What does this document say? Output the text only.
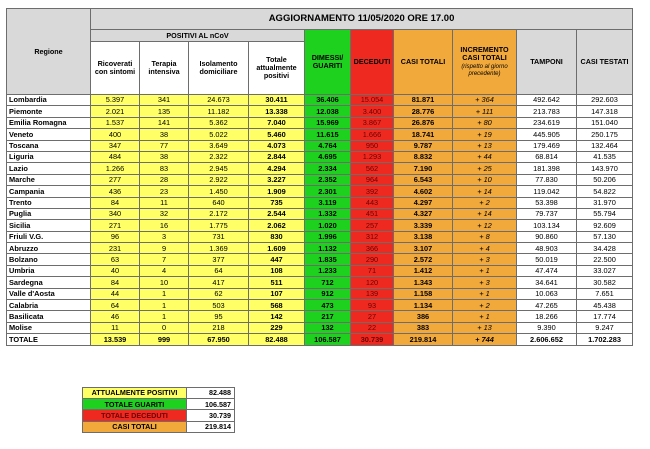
Regione	AGGIORNAMENTO 11/05/2020 ORE 17.00									
	POSITIVI AL nCoV				DIMESSI/ GUARITI	DECEDUTI	CASI TOTALI	INCREMENTO CASI TOTALI
(rispetto al giorno precedente)	TAMPONI	CASI TESTATI
	Ricoverati con sintomi	Terapia intensiva	Isolamento domiciliare	Totale attualmente positivi						
Lombardia	5.397	341	24.673	30.411	36.406	15.054	81.871	+ 364	492.642	292.603
Piemonte	2.021	135	11.182	13.338	12.038	3.400	28.776	+ 111	213.783	147.318
Emilia Romagna	1.537	141	5.362	7.040	15.969	3.867	26.876	+ 80	234.619	151.040
Veneto	400	38	5.022	5.460	11.615	1.666	18.741	+ 19	445.905	250.175
Toscana	347	77	3.649	4.073	4.764	950	9.787	+ 13	179.469	132.464
Liguria	484	38	2.322	2.844	4.695	1.293	8.832	+ 44	68.814	41.535
Lazio	1.266	83	2.945	4.294	2.334	562	7.190	+ 25	181.398	143.970
Marche	277	28	2.922	3.227	2.352	964	6.543	+ 10	77.830	50.206
Campania	436	23	1.450	1.909	2.301	392	4.602	+ 14	119.042	54.822
Trento	84	11	640	735	3.119	443	4.297	+ 2	53.398	31.970
Puglia	340	32	2.172	2.544	1.332	451	4.327	+ 14	79.737	55.794
Sicilia	271	16	1.775	2.062	1.020	257	3.339	+ 12	103.134	92.609
Friuli V.G.	96	3	731	830	1.996	312	3.138	+ 8	90.860	57.130
Abruzzo	231	9	1.369	1.609	1.132	366	3.107	+ 4	48.903	34.428
Bolzano	63	7	377	447	1.835	290	2.572	+ 3	50.019	22.500
Umbria	40	4	64	108	1.233	71	1.412	+ 1	47.474	33.027
Sardegna	84	10	417	511	712	120	1.343	+ 3	34.641	30.582
Valle d'Aosta	44	1	62	107	912	139	1.158	+ 1	10.063	7.651
Calabria	64	1	503	568	473	93	1.134	+ 2	47.265	45.438
Basilicata	46	1	95	142	217	27	386	+ 1	18.266	17.774
Molise	11	0	218	229	132	22	383	+ 13	9.390	9.247
TOTALE	13.539	999	67.950	82.488	106.587	30.739	219.814	+ 744	2.606.652	1.702.283
ATTUALMENTE POSITIVI	82.488
TOTALE GUARITI	106.587
TOTALE DECEDUTI	30.739
CASI TOTALI	219.814
